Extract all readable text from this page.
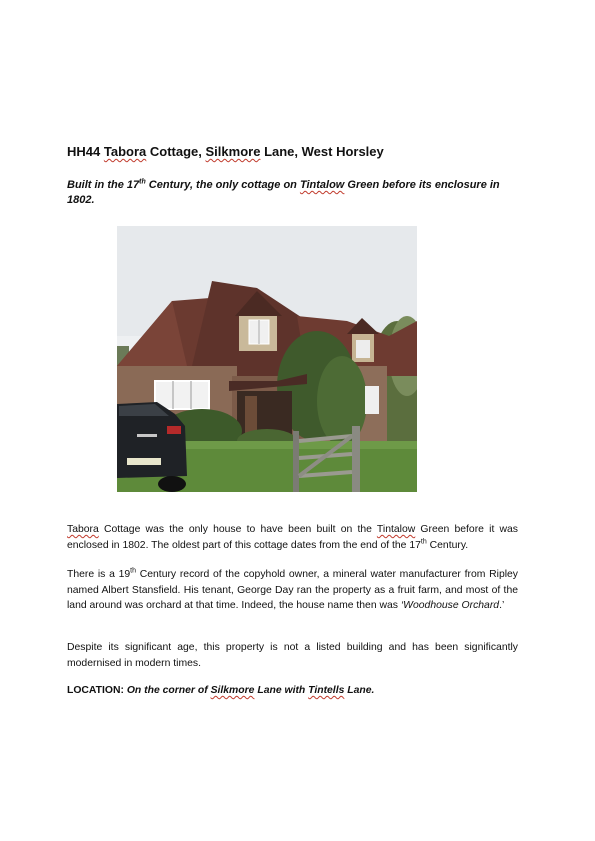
HH44 Tabora Cottage, Silkmore Lane, West Horsley
Built in the 17th Century, the only cottage on Tintalow Green before its enclosure in 1802.

Tabora Cottage was the only house to have been built on the Tintalow Green before it was enclosed in 1802. The oldest part of this cottage dates from the end of the 17th Century.

There is a 19th Century record of the copyhold owner, a mineral water manufacturer from Ripley named Albert Stansfield. His tenant, George Day ran the property as a fruit farm, and most of the land around was orchard at that time. Indeed, the house name then was ‘Woodhouse Orchard.’

Despite its significant age, this property is not a listed building and has been significantly modernised in modern times.

LOCATION: On the corner of Silkmore Lane with Tintells Lane.
